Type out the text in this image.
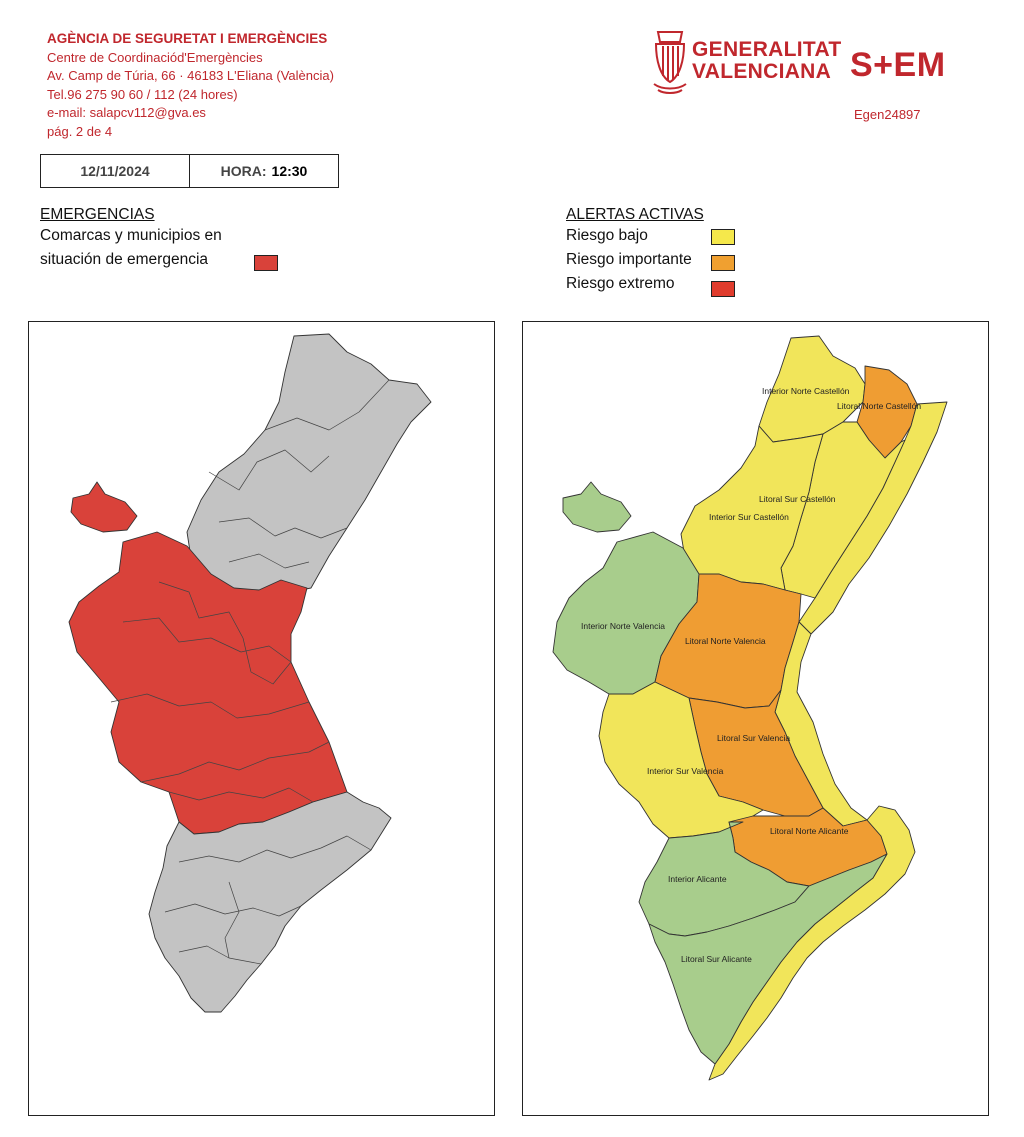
AGÈNCIA DE SEGURETAT I EMERGÈNCIES
Centre de Coordinaciód'Emergències
Av. Camp de Túria, 66 · 46183 L'Eliana (València)
Tel.96 275 90 60 / 112 (24 hores)
e-mail: salapcv112@gva.es
pág. 2 de 4
GENERALITAT
VALENCIANA S+EM
Egen24897
12/11/2024	HORA: 12:30
EMERGENCIAS
Comarcas y municipios en
situación de emergencia
ALERTAS ACTIVAS
Riesgo bajo
Riesgo importante
Riesgo extremo
Interior Norte Castellón
Litoral Norte Castellón
Litoral Sur Castellón
Interior Sur Castellón
Interior Norte Valencia
Litoral Norte Valencia
Litoral Sur Valencia
Interior Sur Valencia
Litoral Norte Alicante
Interior Alicante
Litoral Sur Alicante
